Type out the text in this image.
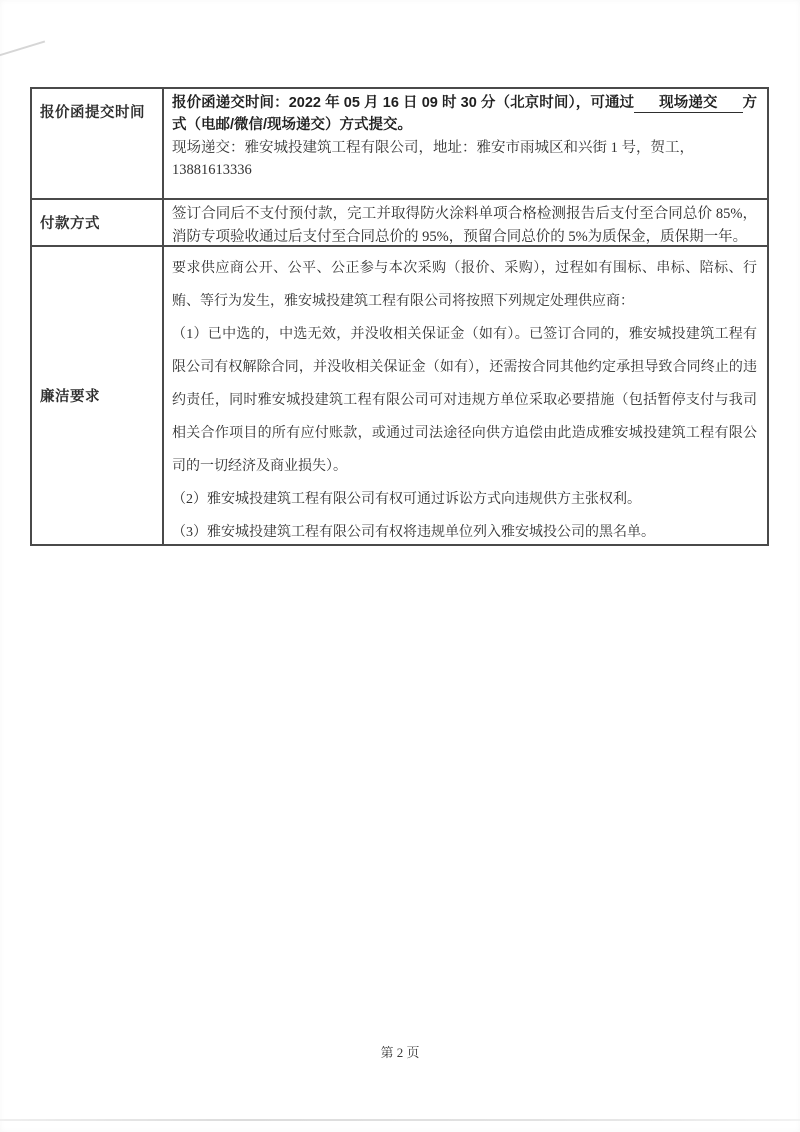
报价函提交时间

报价函递交时间：2022 年 05 月 16 日 09 时 30 分（北京时间），可通过 现场递交 方式（电邮/微信/现场递交）方式提交。

现场递交：雅安城投建筑工程有限公司，地址：雅安市雨城区和兴街 1 号，贺工，13881613336

付款方式
签订合同后不支付预付款，完工并取得防火涂料单项合格检测报告后支付至合同总价 85%，消防专项验收通过后支付至合同总价的 95%，预留合同总价的 5%为质保金，质保期一年。
廉洁要求

要求供应商公开、公平、公正参与本次采购（报价、采购），过程如有围标、串标、陪标、行贿、等行为发生，雅安城投建筑工程有限公司将按照下列规定处理供应商：

（1）已中选的，中选无效，并没收相关保证金（如有）。已签订合同的，雅安城投建筑工程有限公司有权解除合同，并没收相关保证金（如有），还需按合同其他约定承担导致合同终止的违约责任，同时雅安城投建筑工程有限公司可对违规方单位采取必要措施（包括暂停支付与我司相关合作项目的所有应付账款，或通过司法途径向供方追偿由此造成雅安城投建筑工程有限公司的一切经济及商业损失）。

（2）雅安城投建筑工程有限公司有权可通过诉讼方式向违规供方主张权利。

（3）雅安城投建筑工程有限公司有权将违规单位列入雅安城投公司的黑名单。

第 2 页
